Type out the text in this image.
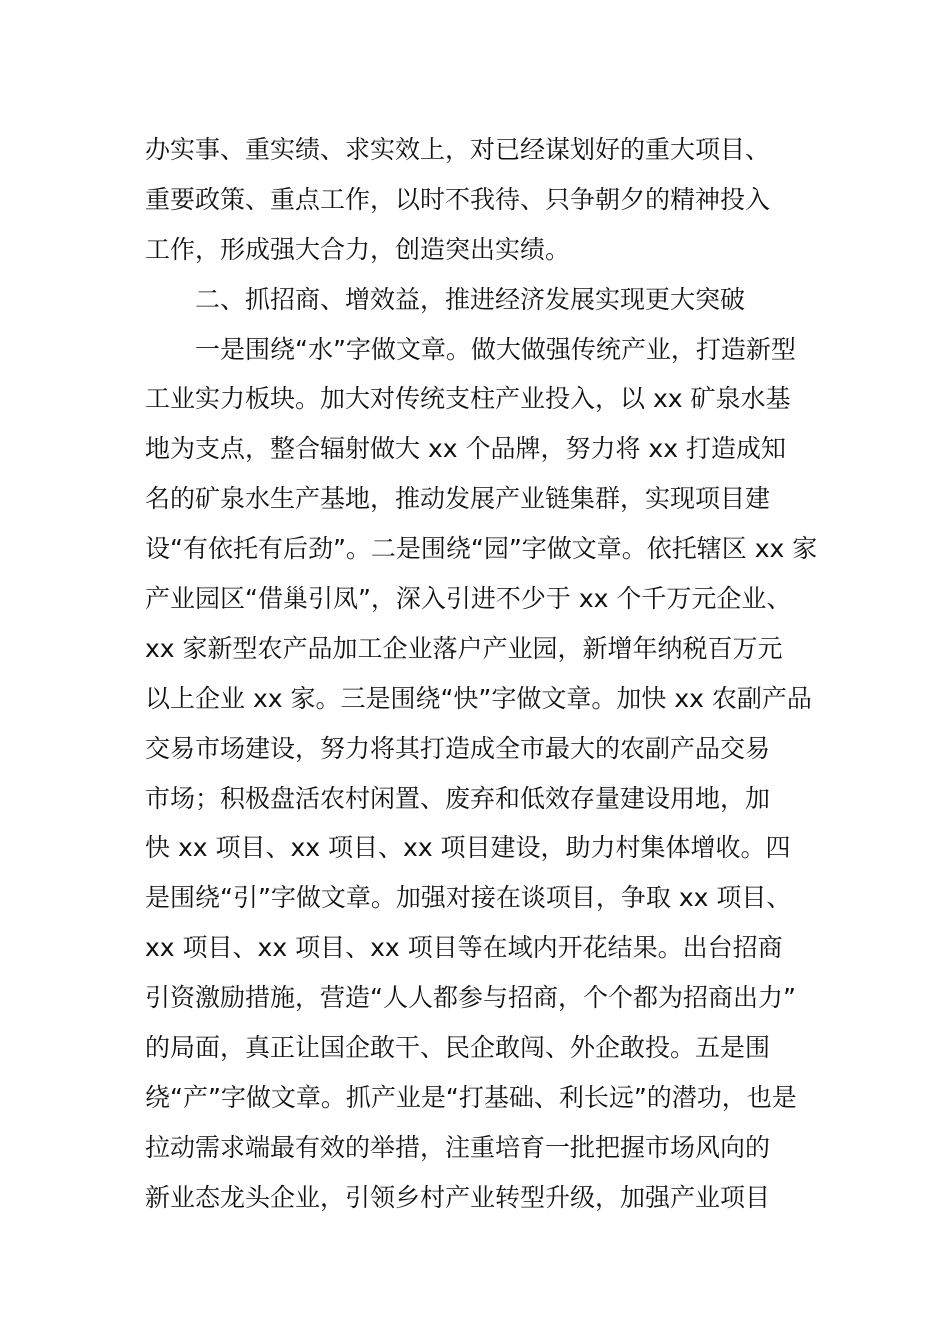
办实事、重实绩、求实效上，对已经谋划好的重大项目、
重要政策、重点工作，以时不我待、只争朝夕的精神投入
工作，形成强大合力，创造突出实绩。
二、抓招商、增效益，推进经济发展实现更大突破
一是围绕“水”字做文章。做大做强传统产业，打造新型
工业实力板块。加大对传统支柱产业投入，以 xx 矿泉水基
地为支点，整合辐射做大 xx 个品牌，努力将 xx 打造成知
名的矿泉水生产基地，推动发展产业链集群，实现项目建
设“有依托有后劲”。二是围绕“园”字做文章。依托辖区 xx 家
产业园区“借巢引凤”，深入引进不少于 xx 个千万元企业、
xx 家新型农产品加工企业落户产业园，新增年纳税百万元
以上企业 xx 家。三是围绕“快”字做文章。加快 xx 农副产品
交易市场建设，努力将其打造成全市最大的农副产品交易
市场；积极盘活农村闲置、废弃和低效存量建设用地，加
快 xx 项目、xx 项目、xx 项目建设，助力村集体增收。四
是围绕“引”字做文章。加强对接在谈项目，争取 xx 项目、
xx 项目、xx 项目、xx 项目等在域内开花结果。出台招商
引资激励措施，营造“人人都参与招商，个个都为招商出力”
的局面，真正让国企敢干、民企敢闯、外企敢投。五是围
绕“产”字做文章。抓产业是“打基础、利长远”的潜功，也是
拉动需求端最有效的举措，注重培育一批把握市场风向的
新业态龙头企业，引领乡村产业转型升级，加强产业项目
